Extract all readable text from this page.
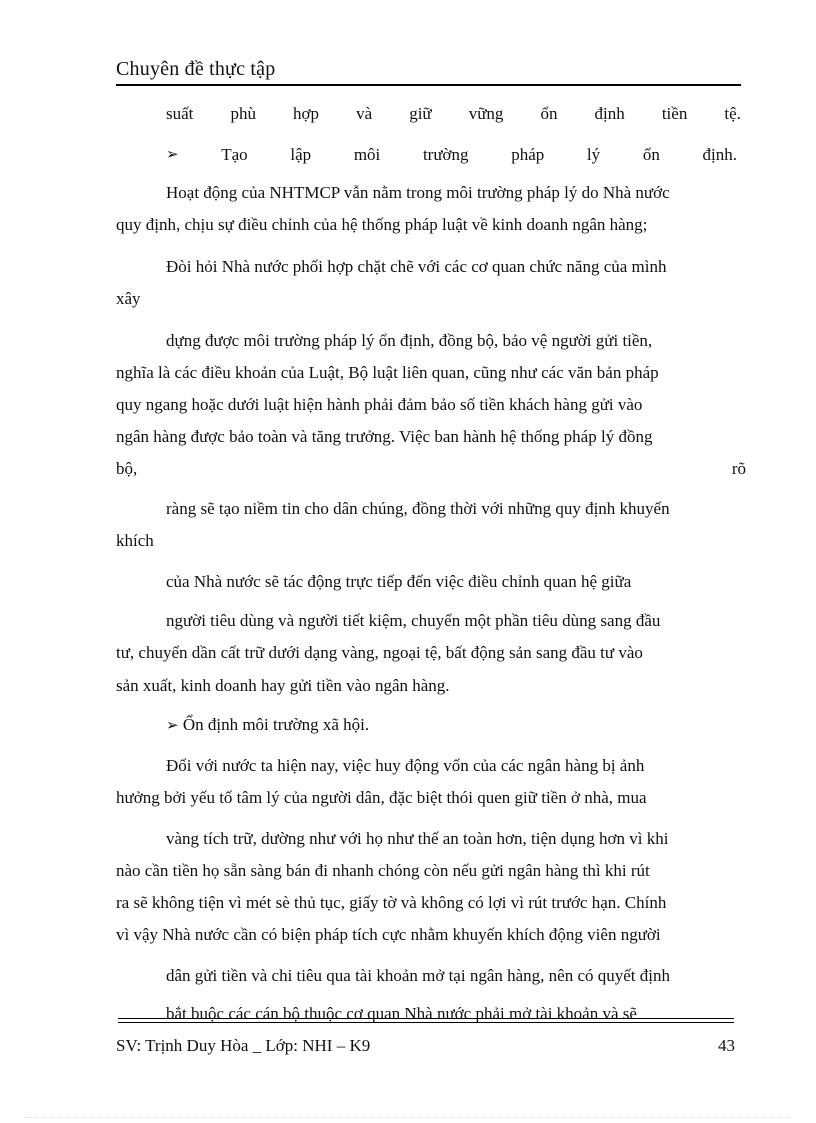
Chuyên đề thực tập
suất phù hợp và giữ vững ổn định tiền tệ.
➢	Tạo	lập	môi	trường	pháp	lý	ổn	định.
Hoạt động của NHTMCP vẫn nằm trong môi trường pháp lý do Nhà nước
quy định, chịu sự điều chỉnh của hệ thống pháp luật về kinh doanh ngân hàng;
Đòi hỏi Nhà nước phối hợp chặt chẽ với các cơ quan chức năng của mình
xây
dựng được môi trường pháp lý ổn định, đồng bộ, bảo vệ người gửi tiền,
nghĩa là các điều khoản của Luật, Bộ luật liên quan, cũng như các văn bản pháp
quy ngang hoặc dưới luật hiện hành phải đảm bảo số tiền khách hàng gửi vào
ngân hàng được bảo toàn và tăng trưởng. Việc ban hành hệ thống pháp lý đồng
bộ,	rõ
ràng sẽ tạo niềm tin cho dân chúng, đồng thời với những quy định khuyến
khích
của Nhà nước sẽ tác động trực tiếp đến việc điều chỉnh quan hệ giữa
người tiêu dùng và người tiết kiệm, chuyển một phần tiêu dùng sang đầu
tư, chuyển dần cất trữ dưới dạng vàng, ngoại tệ, bất động sản sang đầu tư vào
sản xuất, kinh doanh hay gửi tiền vào ngân hàng.
➢ Ổn định môi trường xã hội.
Đối với nước ta hiện nay, việc huy động vốn của các ngân hàng bị ảnh
hưởng bởi yếu tố tâm lý của người dân, đặc biệt thói quen giữ tiền ở nhà, mua
vàng tích trữ, dường như với họ như thế an toàn hơn, tiện dụng hơn vì khi
nào cần tiền họ sẵn sàng bán đi nhanh chóng còn nếu gửi ngân hàng thì khi rút
ra sẽ không tiện vì mét sè thủ tục, giấy tờ và không có lợi vì rút trước hạn. Chính
vì vậy Nhà nước cần có biện pháp tích cực nhằm khuyến khích động viên người
dân gửi tiền và chi tiêu qua tài khoản mở tại ngân hàng, nên có quyết định
bắt buộc các cán bộ thuộc cơ quan Nhà nước phải mở tài khoản và sẽ
SV: Trịnh Duy Hòa _ Lớp: NHI – K9	43
